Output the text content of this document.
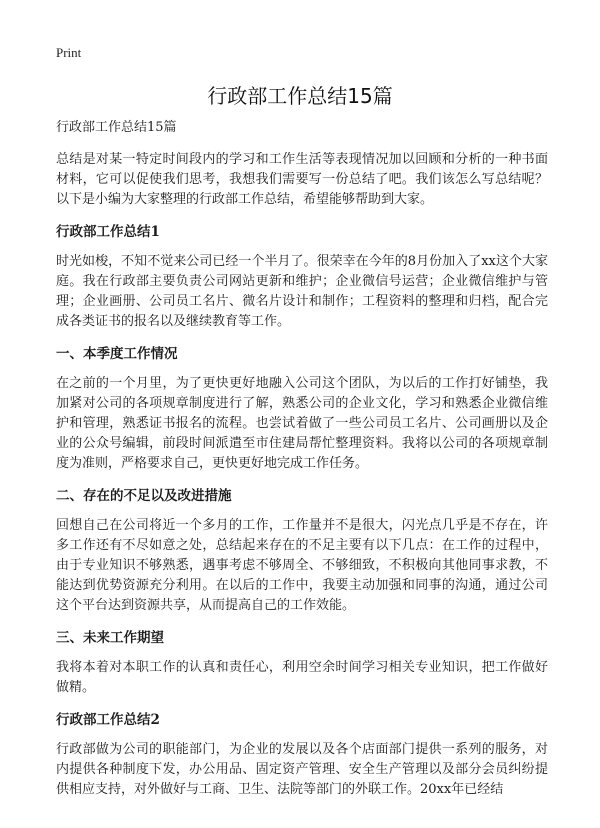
Print
行政部工作总结15篇

行政部工作总结15篇

总结是对某一特定时间段内的学习和工作生活等表现情况加以回顾和分析的一种书面材料，它可以促使我们思考，我想我们需要写一份总结了吧。我们该怎么写总结呢？以下是小编为大家整理的行政部工作总结，希望能够帮助到大家。

行政部工作总结1

时光如梭，不知不觉来公司已经一个半月了。很荣幸在今年的8月份加入了xx这个大家庭。我在行政部主要负责公司网站更新和维护；企业微信号运营；企业微信维护与管理；企业画册、公司员工名片、微名片设计和制作；工程资料的整理和归档，配合完成各类证书的报名以及继续教育等工作。

一、本季度工作情况

在之前的一个月里，为了更快更好地融入公司这个团队，为以后的工作打好铺垫，我加紧对公司的各项规章制度进行了解，熟悉公司的企业文化，学习和熟悉企业微信维护和管理，熟悉证书报名的流程。也尝试着做了一些公司员工名片、公司画册以及企业的公众号编辑，前段时间派遣至市住建局帮忙整理资料。我将以公司的各项规章制度为准则，严格要求自己，更快更好地完成工作任务。

二、存在的不足以及改进措施

回想自己在公司将近一个多月的工作，工作量并不是很大，闪光点几乎是不存在，许多工作还有不尽如意之处，总结起来存在的不足主要有以下几点：在工作的过程中，由于专业知识不够熟悉，遇事考虑不够周全、不够细致，不积极向其他同事求教，不能达到优势资源充分利用。在以后的工作中，我要主动加强和同事的沟通，通过公司这个平台达到资源共享，从而提高自己的工作效能。

三、未来工作期望

我将本着对本职工作的认真和责任心，利用空余时间学习相关专业知识，把工作做好做精。

行政部工作总结2

行政部做为公司的职能部门，为企业的发展以及各个店面部门提供一系列的服务，对内提供各种制度下发，办公用品、固定资产管理、安全生产管理以及部分会员纠纷提供相应支持，对外做好与工商、卫生、法院等部门的外联工作。20xx年已经结
